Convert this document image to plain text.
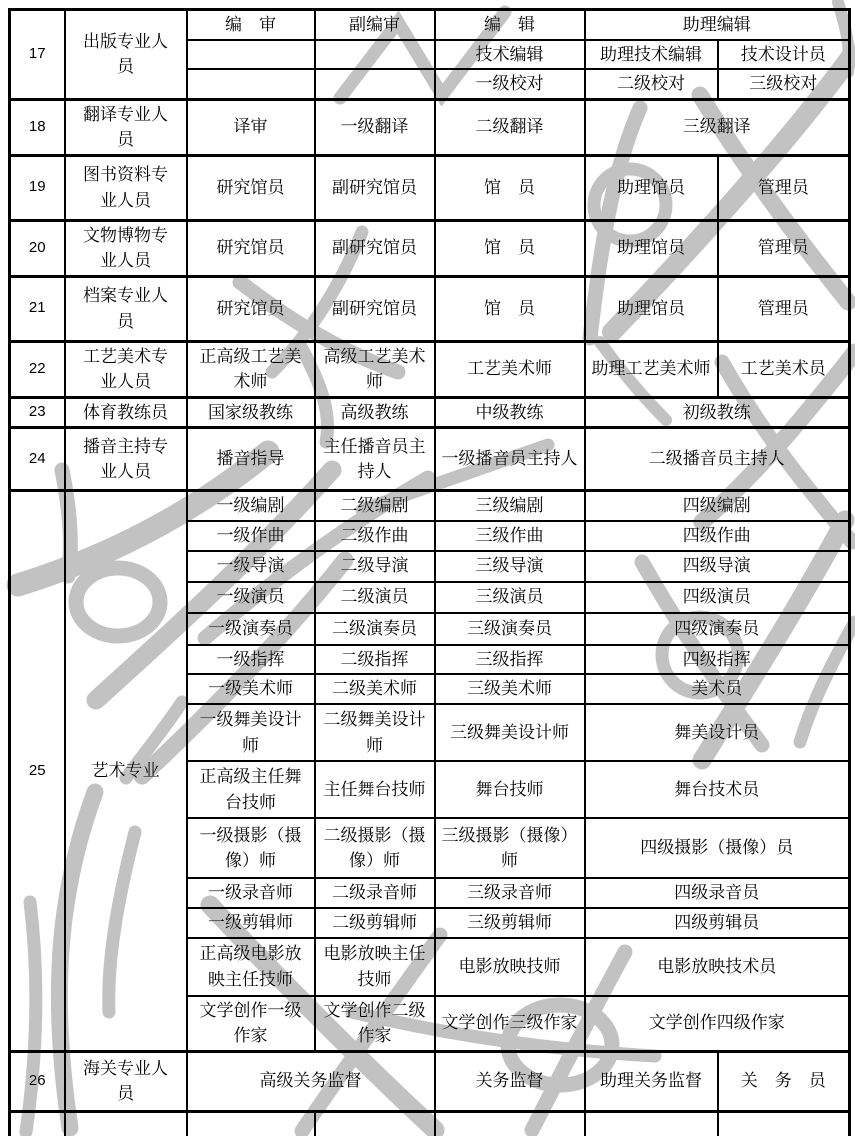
17	出版专业人员	编　审	副编审	编　辑	助理编辑	
				技术编辑	助理技术编辑	技术设计员
				一级校对	二级校对	三级校对
18	翻译专业人员	译审	一级翻译	二级翻译	三级翻译	
19	图书资料专业人员	研究馆员	副研究馆员	馆　员	助理馆员	管理员
20	文物博物专业人员	研究馆员	副研究馆员	馆　员	助理馆员	管理员
21	档案专业人员	研究馆员	副研究馆员	馆　员	助理馆员	管理员
22	工艺美术专业人员	正高级工艺美术师	高级工艺美术师	工艺美术师	助理工艺美术师	工艺美术员
23	体育教练员	国家级教练	高级教练	中级教练	初级教练	
24	播音主持专业人员	播音指导	主任播音员主持人	一级播音员主持人	二级播音员主持人	
25	艺术专业	一级编剧	二级编剧	三级编剧	四级编剧	
		一级作曲	二级作曲	三级作曲	四级作曲	
		一级导演	二级导演	三级导演	四级导演	
		一级演员	二级演员	三级演员	四级演员	
		一级演奏员	二级演奏员	三级演奏员	四级演奏员	
		一级指挥	二级指挥	三级指挥	四级指挥	
		一级美术师	二级美术师	三级美术师	美术员	
		一级舞美设计师	二级舞美设计师	三级舞美设计师	舞美设计员	
		正高级主任舞台技师	主任舞台技师	舞台技师	舞台技术员	
		一级摄影（摄像）师	二级摄影（摄像）师	三级摄影（摄像）师	四级摄影（摄像）员	
		一级录音师	二级录音师	三级录音师	四级录音员	
		一级剪辑师	二级剪辑师	三级剪辑师	四级剪辑员	
		正高级电影放映主任技师	电影放映主任技师	电影放映技师	电影放映技术员	
		文学创作一级作家	文学创作二级作家	文学创作三级作家	文学创作四级作家	
26	海关专业人员	高级关务监督		关务监督	助理关务监督	关　务　员
